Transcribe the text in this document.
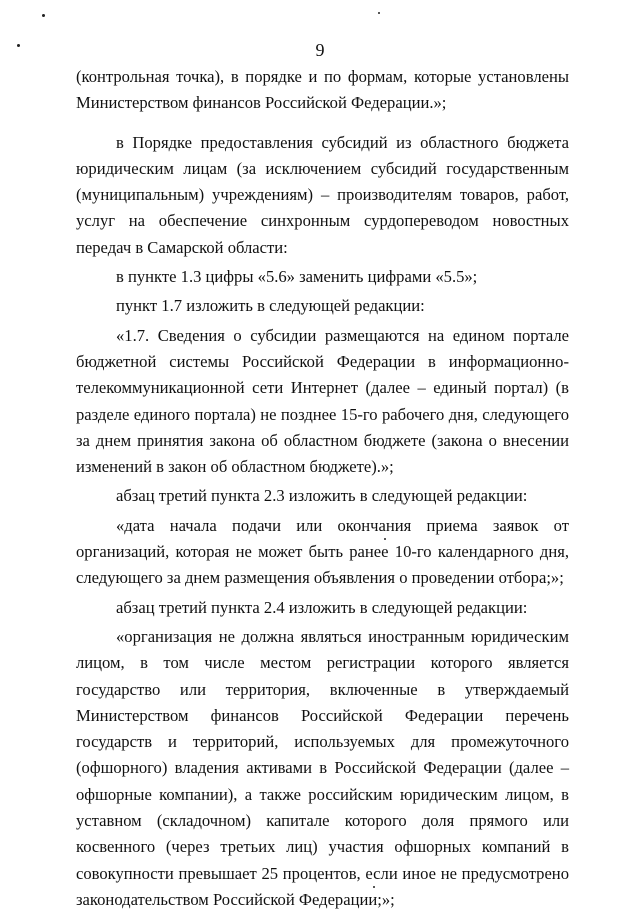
9

(контрольная точка), в порядке и по формам, которые установлены Министерством финансов Российской Федерации.»;

в Порядке предоставления субсидий из областного бюджета юридическим лицам (за исключением субсидий государственным (муниципальным) учреждениям) – производителям товаров, работ, услуг на обеспечение синхронным сурдопереводом новостных передач в Самарской области:

в пункте 1.3 цифры «5.6» заменить цифрами «5.5»;

пункт 1.7 изложить в следующей редакции:

«1.7. Сведения о субсидии размещаются на едином портале бюджетной системы Российской Федерации в информационно-телекоммуникационной сети Интернет (далее – единый портал) (в разделе единого портала) не позднее 15-го рабочего дня, следующего за днем принятия закона об областном бюджете (закона о внесении изменений в закон об областном бюджете).»;

абзац третий пункта 2.3 изложить в следующей редакции:

«дата начала подачи или окончания приема заявок от организаций, которая не может быть ранее 10-го календарного дня, следующего за днем размещения объявления о проведении отбора;»;

абзац третий пункта 2.4 изложить в следующей редакции:

«организация не должна являться иностранным юридическим лицом, в том числе местом регистрации которого является государство или территория, включенные в утверждаемый Министерством финансов Российской Федерации перечень государств и территорий, используемых для промежуточного (офшорного) владения активами в Российской Федерации (далее – офшорные компании), а также российским юридическим лицом, в уставном (складочном) капитале которого доля прямого или косвенного (через третьих лиц) участия офшорных компаний в совокупности превышает 25 процентов, если иное не предусмотрено законодательством Российской Федерации;»;
